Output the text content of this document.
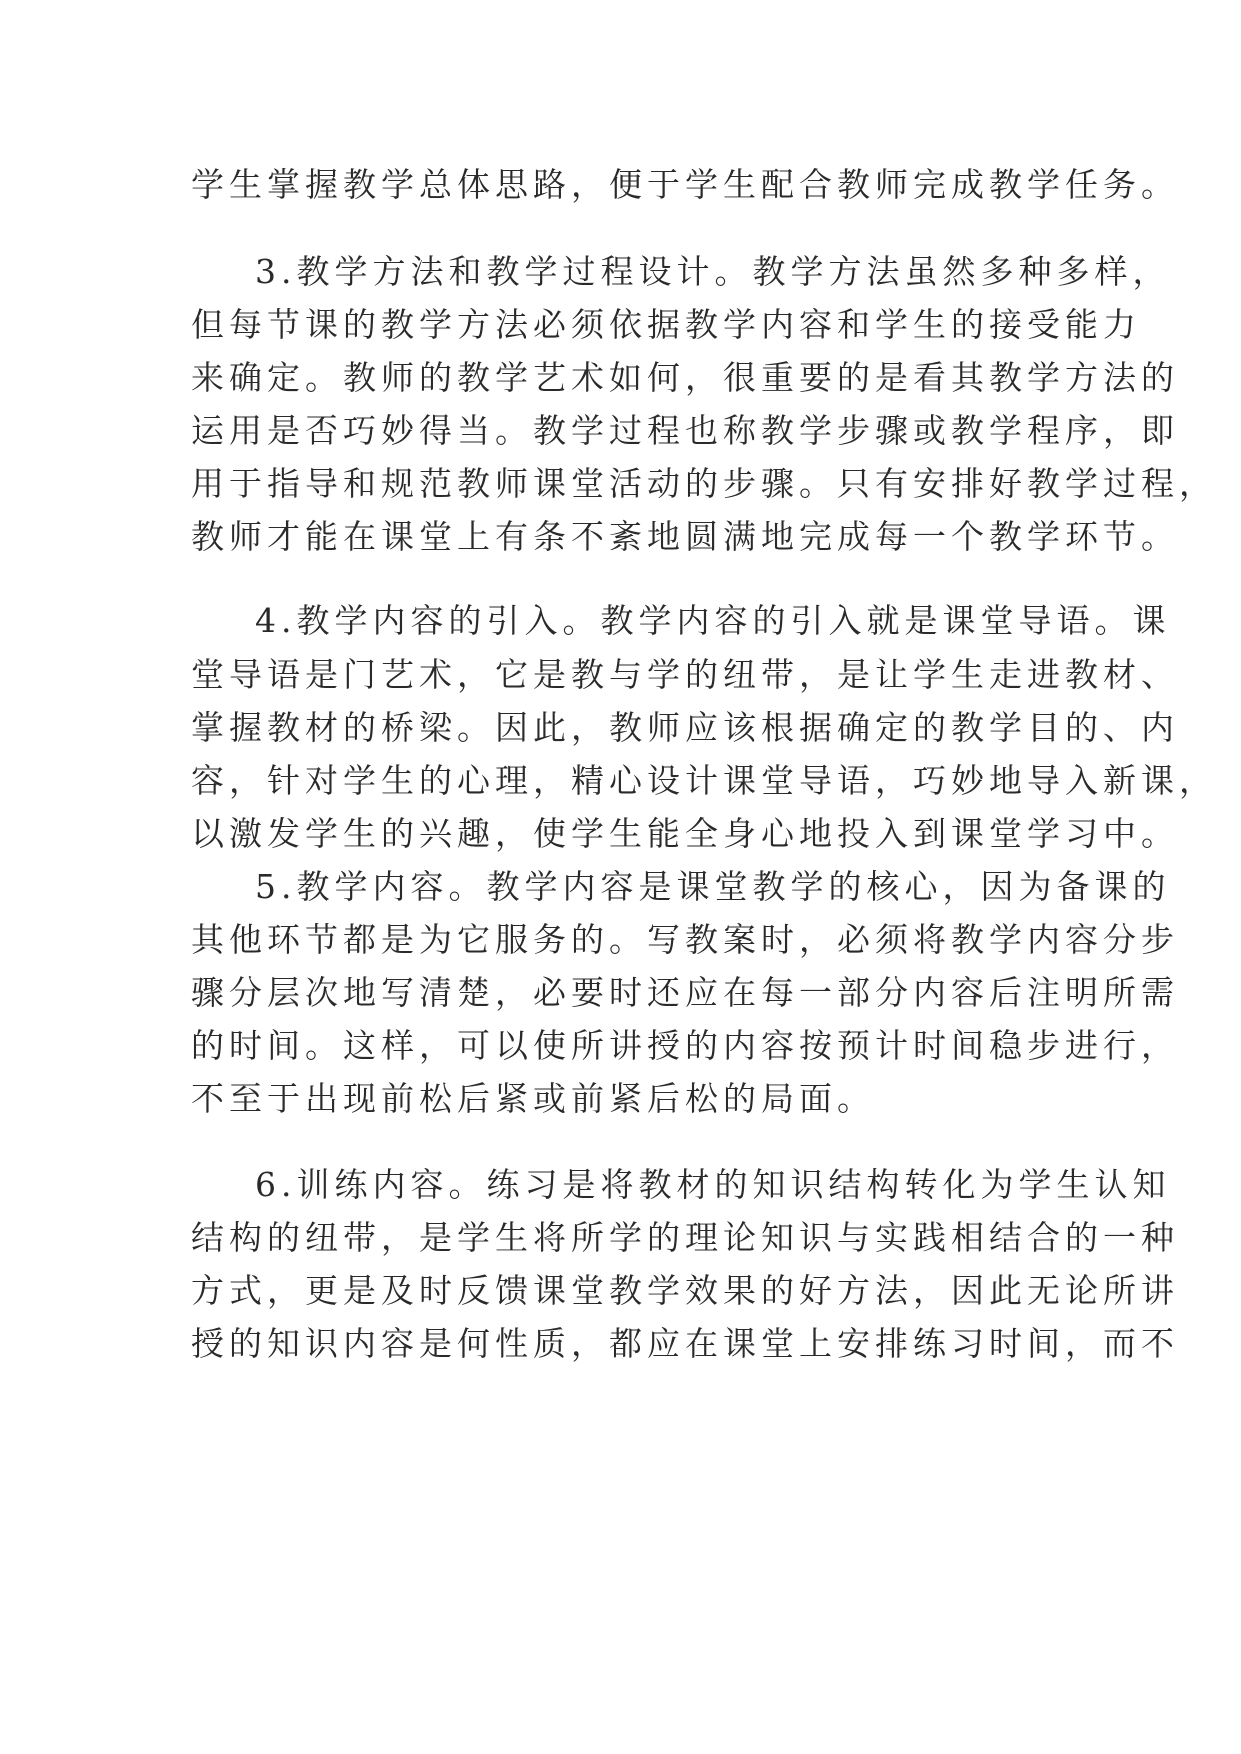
学生掌握教学总体思路，便于学生配合教师完成教学任务。
3.教学方法和教学过程设计。教学方法虽然多种多样，
但每节课的教学方法必须依据教学内容和学生的接受能力
来确定。教师的教学艺术如何，很重要的是看其教学方法的
运用是否巧妙得当。教学过程也称教学步骤或教学程序，即
用于指导和规范教师课堂活动的步骤。只有安排好教学过程，
教师才能在课堂上有条不紊地圆满地完成每一个教学环节。
4.教学内容的引入。教学内容的引入就是课堂导语。课
堂导语是门艺术，它是教与学的纽带，是让学生走进教材、
掌握教材的桥梁。因此，教师应该根据确定的教学目的、内
容，针对学生的心理，精心设计课堂导语，巧妙地导入新课，
以激发学生的兴趣，使学生能全身心地投入到课堂学习中。
5.教学内容。教学内容是课堂教学的核心，因为备课的
其他环节都是为它服务的。写教案时，必须将教学内容分步
骤分层次地写清楚，必要时还应在每一部分内容后注明所需
的时间。这样，可以使所讲授的内容按预计时间稳步进行，
不至于出现前松后紧或前紧后松的局面。
6.训练内容。练习是将教材的知识结构转化为学生认知
结构的纽带，是学生将所学的理论知识与实践相结合的一种
方式，更是及时反馈课堂教学效果的好方法，因此无论所讲
授的知识内容是何性质，都应在课堂上安排练习时间，而不
